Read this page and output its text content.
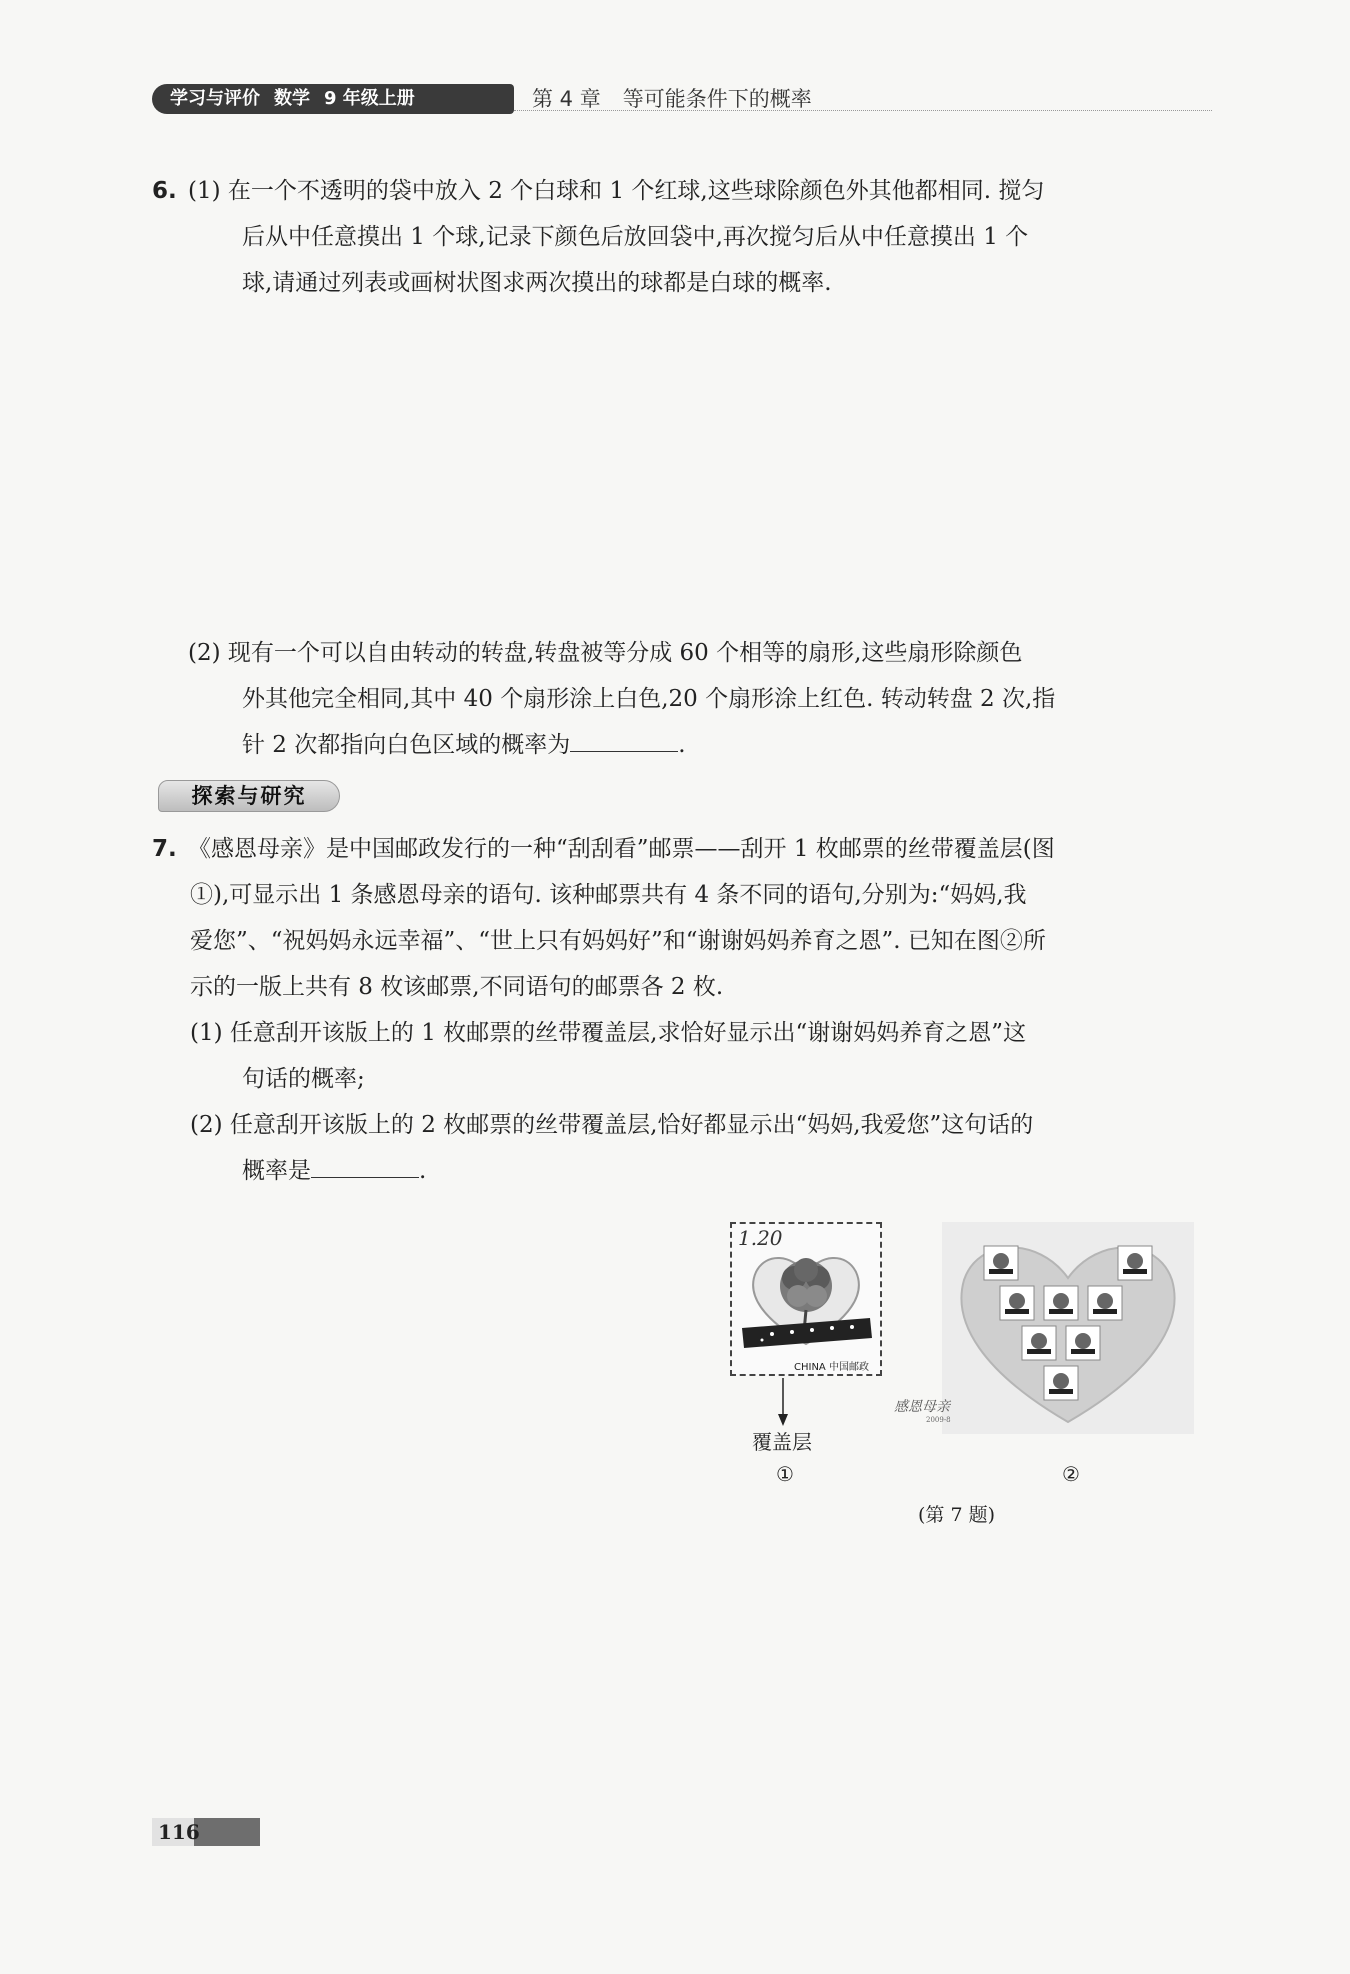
学习与评价 数学 9 年级上册	第 4 章 等可能条件下的概率
6. (1) 在一个不透明的袋中放入 2 个白球和 1 个红球,这些球除颜色外其他都相同. 搅匀
后从中任意摸出 1 个球,记录下颜色后放回袋中,再次搅匀后从中任意摸出 1 个
球,请通过列表或画树状图求两次摸出的球都是白球的概率.
(2) 现有一个可以自由转动的转盘,转盘被等分成 60 个相等的扇形,这些扇形除颜色
外其他完全相同,其中 40 个扇形涂上白色,20 个扇形涂上红色. 转动转盘 2 次,指
针 2 次都指向白色区域的概率为	.
探索与研究
7. 《感恩母亲》是中国邮政发行的一种“刮刮看”邮票——刮开 1 枚邮票的丝带覆盖层(图
①),可显示出 1 条感恩母亲的语句. 该种邮票共有 4 条不同的语句,分别为:“妈妈,我
爱您”、“祝妈妈永远幸福”、“世上只有妈妈好”和“谢谢妈妈养育之恩”. 已知在图②所
示的一版上共有 8 枚该邮票,不同语句的邮票各 2 枚.
(1) 任意刮开该版上的 1 枚邮票的丝带覆盖层,求恰好显示出“谢谢妈妈养育之恩”这
句话的概率;
(2) 任意刮开该版上的 2 枚邮票的丝带覆盖层,恰好都显示出“妈妈,我爱您”这句话的
概率是	.
1.20
CHINA 中国邮政
覆盖层
①
感恩母亲
2009-8
②
(第 7 题)
116
